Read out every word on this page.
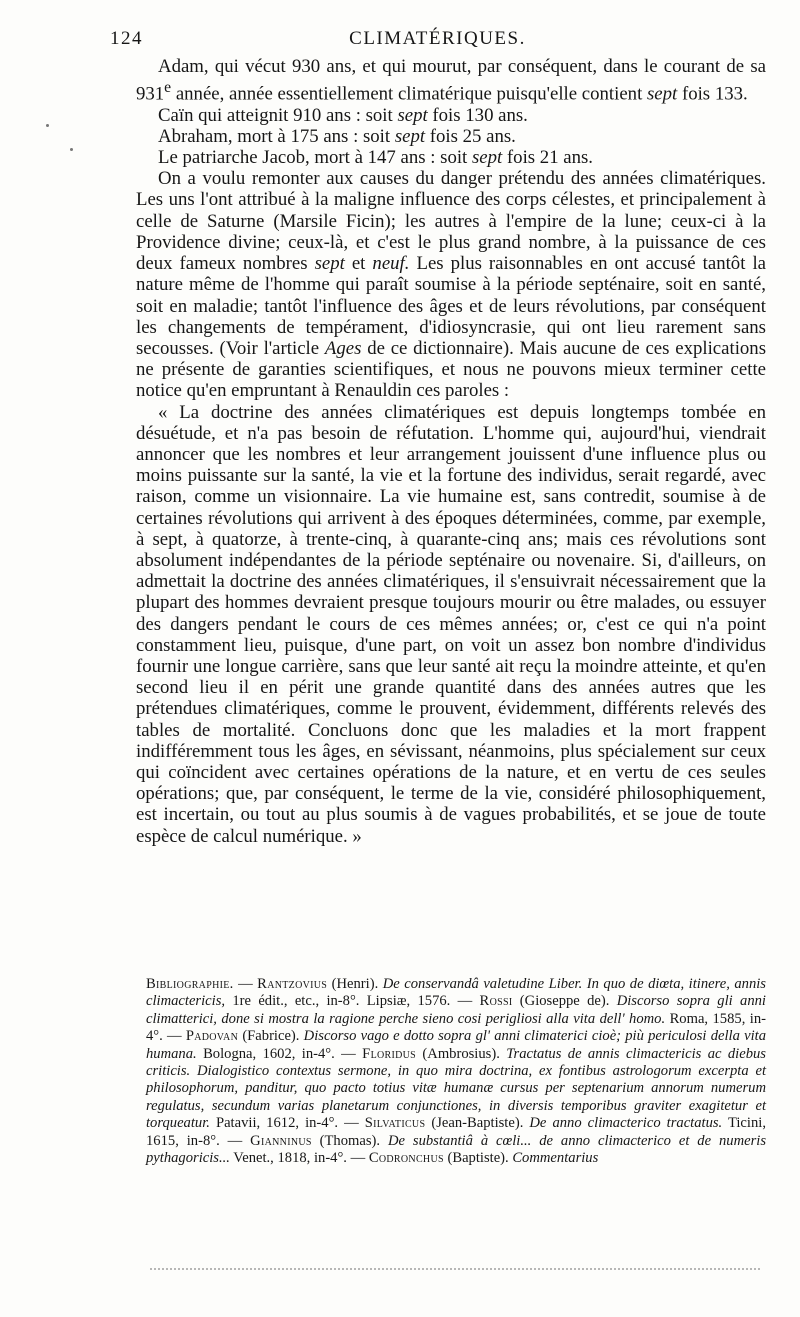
124	CLIMATÉRIQUES.

Adam, qui vécut 930 ans, et qui mourut, par conséquent, dans le courant de sa 931e année, année essentiellement climatérique puisqu'elle contient sept fois 133.

Caïn qui atteignit 910 ans : soit sept fois 130 ans.

Abraham, mort à 175 ans : soit sept fois 25 ans.

Le patriarche Jacob, mort à 147 ans : soit sept fois 21 ans.

On a voulu remonter aux causes du danger prétendu des années climatériques. Les uns l'ont attribué à la maligne influence des corps célestes, et principalement à celle de Saturne (Marsile Ficin); les autres à l'empire de la lune; ceux-ci à la Providence divine; ceux-là, et c'est le plus grand nombre, à la puissance de ces deux fameux nombres sept et neuf. Les plus raisonnables en ont accusé tantôt la nature même de l'homme qui paraît soumise à la période septénaire, soit en santé, soit en maladie; tantôt l'influence des âges et de leurs révolutions, par conséquent les changements de tempérament, d'idiosyncrasie, qui ont lieu rarement sans secousses. (Voir l'article Ages de ce dictionnaire). Mais aucune de ces explications ne présente de garanties scientifiques, et nous ne pouvons mieux terminer cette notice qu'en empruntant à Renauldin ces paroles :

« La doctrine des années climatériques est depuis longtemps tombée en désuétude, et n'a pas besoin de réfutation. L'homme qui, aujourd'hui, viendrait annoncer que les nombres et leur arrangement jouissent d'une influence plus ou moins puissante sur la santé, la vie et la fortune des individus, serait regardé, avec raison, comme un visionnaire. La vie humaine est, sans contredit, soumise à de certaines révolutions qui arrivent à des époques déterminées, comme, par exemple, à sept, à quatorze, à trente-cinq, à quarante-cinq ans; mais ces révolutions sont absolument indépendantes de la période septénaire ou novenaire. Si, d'ailleurs, on admettait la doctrine des années climatériques, il s'ensuivrait nécessairement que la plupart des hommes devraient presque toujours mourir ou être malades, ou essuyer des dangers pendant le cours de ces mêmes années; or, c'est ce qui n'a point constamment lieu, puisque, d'une part, on voit un assez bon nombre d'individus fournir une longue carrière, sans que leur santé ait reçu la moindre atteinte, et qu'en second lieu il en périt une grande quantité dans des années autres que les prétendues climatériques, comme le prouvent, évidemment, différents relevés des tables de mortalité. Concluons donc que les maladies et la mort frappent indifféremment tous les âges, en sévissant, néanmoins, plus spécialement sur ceux qui coïncident avec certaines opérations de la nature, et en vertu de ces seules opérations; que, par conséquent, le terme de la vie, considéré philosophiquement, est incertain, ou tout au plus soumis à de vagues probabilités, et se joue de toute espèce de calcul numérique. »

Bibliographie. — Rantzovius (Henri). De conservandâ valetudine Liber. In quo de diœta, itinere, annis climactericis, 1re édit., etc., in-8°. Lipsiæ, 1576. — Rossi (Gioseppe de). Discorso sopra gli anni climatterici, done si mostra la ragione perche sieno cosi perigliosi alla vita dell' homo. Roma, 1585, in-4°. — Padovan (Fabrice). Discorso vago e dotto sopra gl' anni climaterici cioè; più periculosi della vita humana. Bologna, 1602, in-4°. — Floridus (Ambrosius). Tractatus de annis climactericis ac diebus criticis. Dialogistico contextus sermone, in quo mira doctrina, ex fontibus astrologorum excerpta et philosophorum, panditur, quo pacto totius vitæ humanæ cursus per septenarium annorum numerum regulatus, secundum varias planetarum conjunctiones, in diversis temporibus graviter exagitetur et torqueatur. Patavii, 1612, in-4°. — Silvaticus (Jean-Baptiste). De anno climacterico tractatus. Ticini, 1615, in-8°. — Gianninus (Thomas). De substantiâ à cœli... de anno climacterico et de numeris pythagoricis... Venet., 1818, in-4°. — Codronchus (Baptiste). Commentarius
